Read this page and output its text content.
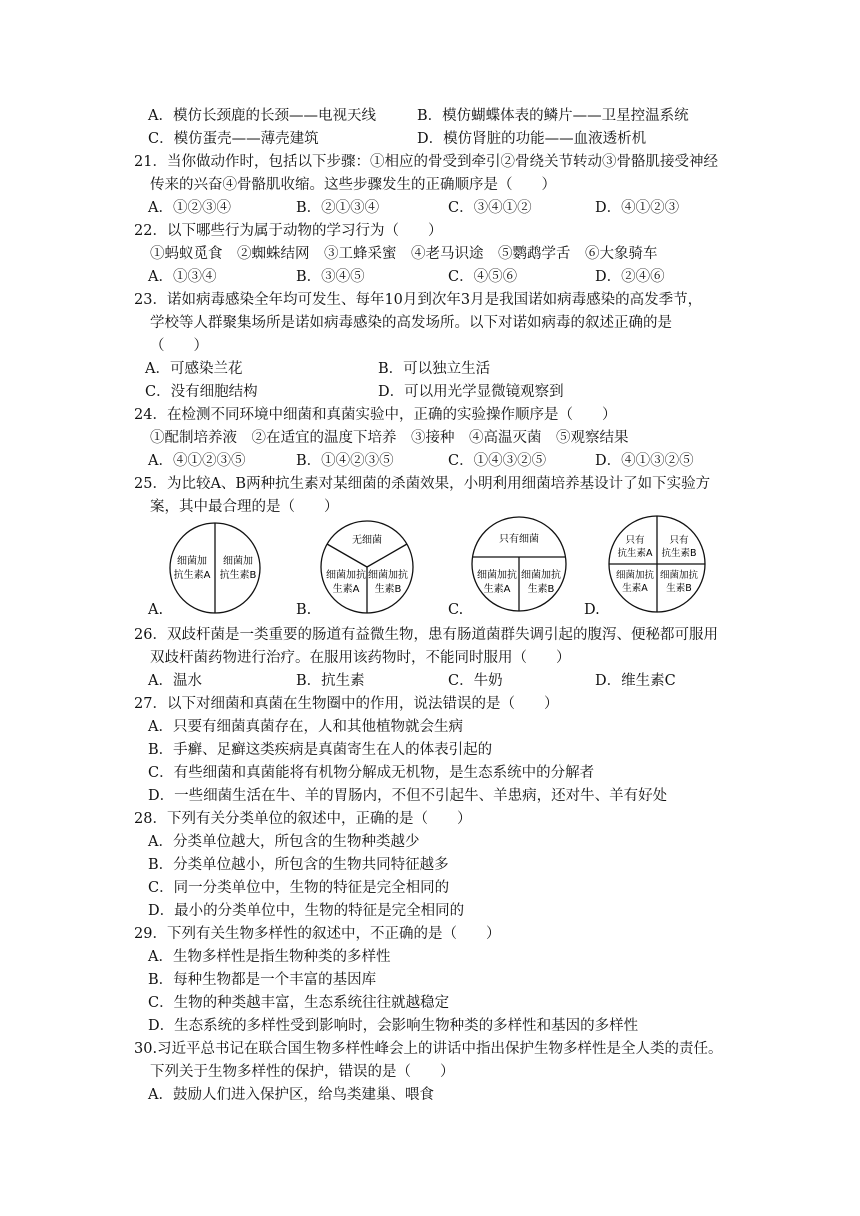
A．模仿长颈鹿的长颈——电视天线	B．模仿蝴蝶体表的鳞片——卫星控温系统
C．模仿蛋壳——薄壳建筑	D．模仿肾脏的功能——血液透析机
21．当你做动作时，包括以下步骤：①相应的骨受到牵引②骨绕关节转动③骨骼肌接受神经
传来的兴奋④骨骼肌收缩。这些步骤发生的正确顺序是（　　）
A．①②③④	B．②①③④	C．③④①②	D．④①②③
22．以下哪些行为属于动物的学习行为（　　）
①蚂蚁觅食　②蜘蛛结网　③工蜂采蜜　④老马识途　⑤鹦鹉学舌　⑥大象骑车
A．①③④	B．③④⑤	C．④⑤⑥	D．②④⑥
23．诺如病毒感染全年均可发生、每年10月到次年3月是我国诺如病毒感染的高发季节，
学校等人群聚集场所是诺如病毒感染的高发场所。以下对诺如病毒的叙述正确的是
（　　）
A．可感染兰花	B．可以独立生活
C．没有细胞结构	D．可以用光学显微镜观察到
24．在检测不同环境中细菌和真菌实验中，正确的实验操作顺序是（　　）
①配制培养液　②在适宜的温度下培养　③接种　④高温灭菌　⑤观察结果
A．④①②③⑤	B．①④②③⑤	C．①④③②⑤	D．④①③②⑤
25．为比较A、B两种抗生素对某细菌的杀菌效果，小明利用细菌培养基设计了如下实验方
案，其中最合理的是（　　）
细菌加
抗生素A
细菌加
抗生素B
无细菌
细菌加抗
生素A
细菌加抗
生素B
只有细菌
细菌加抗
生素A
细菌加抗
生素B
只有
抗生素A
只有
抗生素B
细菌加抗
生素A
细菌加抗
生素B
A.	B.	C.	D.
26．双歧杆菌是一类重要的肠道有益微生物，患有肠道菌群失调引起的腹泻、便秘都可服用
双歧杆菌药物进行治疗。在服用该药物时，不能同时服用（　　）
A．温水	B．抗生素	C．牛奶	D．维生素C
27．以下对细菌和真菌在生物圈中的作用，说法错误的是（　　）
A．只要有细菌真菌存在，人和其他植物就会生病
B．手癣、足癣这类疾病是真菌寄生在人的体表引起的
C．有些细菌和真菌能将有机物分解成无机物，是生态系统中的分解者
D．一些细菌生活在牛、羊的胃肠内，不但不引起牛、羊患病，还对牛、羊有好处
28．下列有关分类单位的叙述中，正确的是（　　）
A．分类单位越大，所包含的生物种类越少
B．分类单位越小，所包含的生物共同特征越多
C．同一分类单位中，生物的特征是完全相同的
D．最小的分类单位中，生物的特征是完全相同的
29．下列有关生物多样性的叙述中，不正确的是（　　）
A．生物多样性是指生物种类的多样性
B．每种生物都是一个丰富的基因库
C．生物的种类越丰富，生态系统往往就越稳定
D．生态系统的多样性受到影响时，会影响生物种类的多样性和基因的多样性
30.习近平总书记在联合国生物多样性峰会上的讲话中指出保护生物多样性是全人类的责任。
下列关于生物多样性的保护，错误的是（　　）
A．鼓励人们进入保护区，给鸟类建巢、喂食
